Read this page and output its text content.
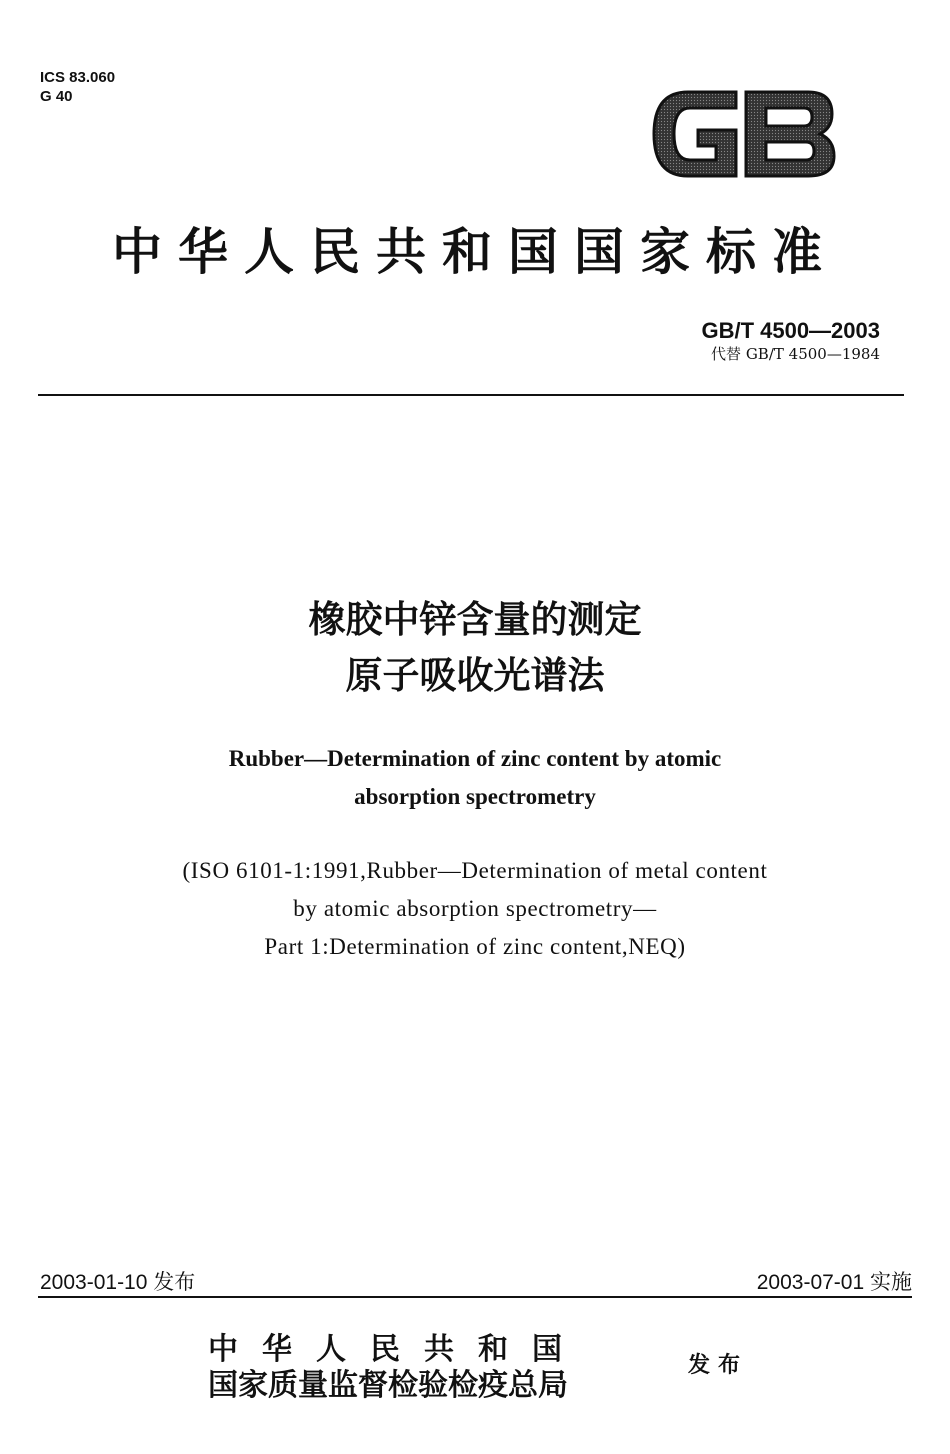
ICS 83.060
G 40
中华人民共和国国家标准
GB/T 4500—2003
代替 GB/T 4500—1984
橡胶中锌含量的测定
原子吸收光谱法
Rubber—Determination of zinc content by atomic
absorption spectrometry
(ISO 6101-1:1991,Rubber—Determination of metal content
by atomic absorption spectrometry—
Part 1:Determination of zinc content,NEQ)
2003-01-10 发布	2003-07-01 实施
中华人民共和国
国家质量监督检验检疫总局
发布
